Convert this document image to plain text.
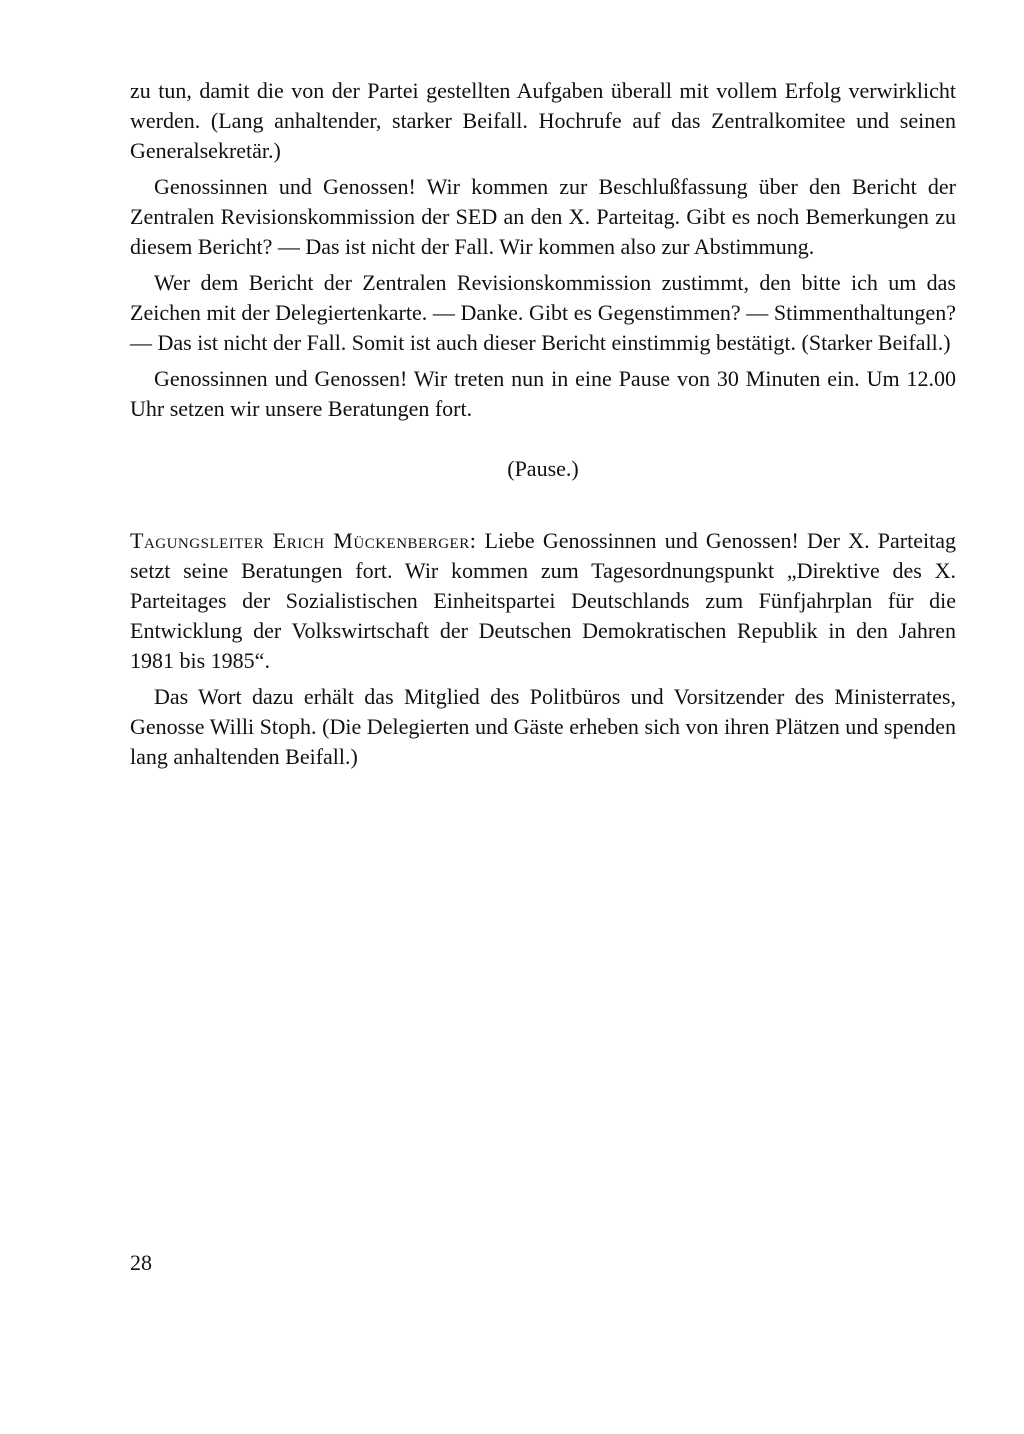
zu tun, damit die von der Partei gestellten Aufgaben überall mit vollem Erfolg verwirklicht werden. (Lang anhaltender, starker Beifall. Hochrufe auf das Zentralkomitee und seinen Generalsekretär.)

Genossinnen und Genossen! Wir kommen zur Beschlußfassung über den Bericht der Zentralen Revisionskommission der SED an den X. Parteitag. Gibt es noch Bemerkungen zu diesem Bericht? — Das ist nicht der Fall. Wir kommen also zur Abstimmung.

Wer dem Bericht der Zentralen Revisionskommission zustimmt, den bitte ich um das Zeichen mit der Delegiertenkarte. — Danke. Gibt es Gegenstimmen? — Stimmenthaltungen? — Das ist nicht der Fall. Somit ist auch dieser Bericht einstimmig bestätigt. (Starker Beifall.)

Genossinnen und Genossen! Wir treten nun in eine Pause von 30 Minuten ein. Um 12.00 Uhr setzen wir unsere Beratungen fort.

(Pause.)

Tagungsleiter Erich Mückenberger: Liebe Genossinnen und Genossen! Der X. Parteitag setzt seine Beratungen fort. Wir kommen zum Tagesordnungspunkt „Direktive des X. Parteitages der Sozialistischen Einheitspartei Deutschlands zum Fünfjahrplan für die Entwicklung der Volkswirtschaft der Deutschen Demokratischen Republik in den Jahren 1981 bis 1985“.

Das Wort dazu erhält das Mitglied des Politbüros und Vorsitzender des Ministerrates, Genosse Willi Stoph. (Die Delegierten und Gäste erheben sich von ihren Plätzen und spenden lang anhaltenden Beifall.)

28
